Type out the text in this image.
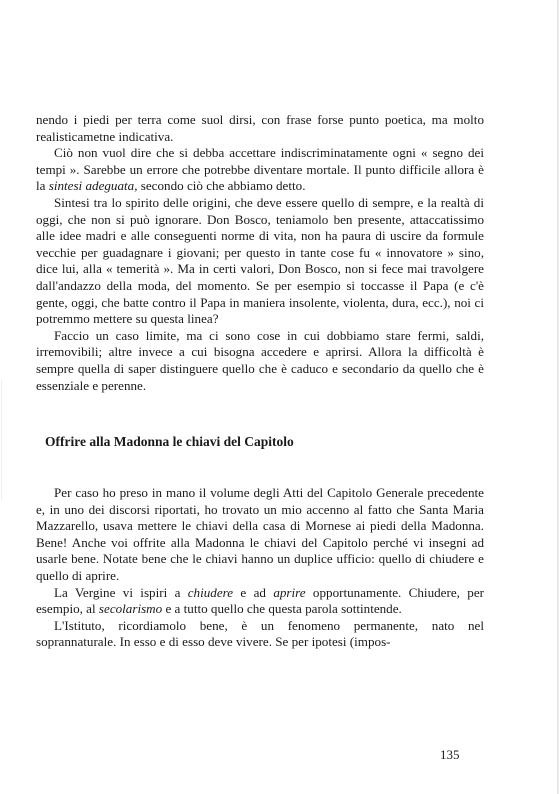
nendo i piedi per terra come suol dirsi, con frase forse punto poetica, ma molto realisticametne indicativa.

Ciò non vuol dire che si debba accettare indiscriminatamente ogni « segno dei tempi ». Sarebbe un errore che potrebbe diventare mortale. Il punto difficile allora è la sintesi adeguata, secondo ciò che abbiamo detto.

Sintesi tra lo spirito delle origini, che deve essere quello di sempre, e la realtà di oggi, che non si può ignorare. Don Bosco, teniamolo ben presente, attaccatissimo alle idee madri e alle conseguenti norme di vita, non ha paura di uscire da formule vecchie per guadagnare i giovani; per questo in tante cose fu « innovatore » sino, dice lui, alla « temerità ». Ma in certi valori, Don Bosco, non si fece mai travolgere dall'andazzo della moda, del momento. Se per esempio si toccasse il Papa (e c'è gente, oggi, che batte contro il Papa in maniera insolente, violenta, dura, ecc.), noi ci potremmo mettere su questa linea?

Faccio un caso limite, ma ci sono cose in cui dobbiamo stare fermi, saldi, irremovibili; altre invece a cui bisogna accedere e aprirsi. Allora la difficoltà è sempre quella di saper distinguere quello che è caduco e secondario da quello che è essenziale e perenne.

Offrire alla Madonna le chiavi del Capitolo

Per caso ho preso in mano il volume degli Atti del Capitolo Generale precedente e, in uno dei discorsi riportati, ho trovato un mio accenno al fatto che Santa Maria Mazzarello, usava mettere le chiavi della casa di Mornese ai piedi della Madonna. Bene! Anche voi offrite alla Madonna le chiavi del Capitolo perché vi insegni ad usarle bene. Notate bene che le chiavi hanno un duplice ufficio: quello di chiudere e quello di aprire.

La Vergine vi ispiri a chiudere e ad aprire opportunamente. Chiudere, per esempio, al secolarismo e a tutto quello che questa parola sottintende.

L'Istituto, ricordiamolo bene, è un fenomeno permanente, nato nel soprannaturale. In esso e di esso deve vivere. Se per ipotesi (impos-

135
